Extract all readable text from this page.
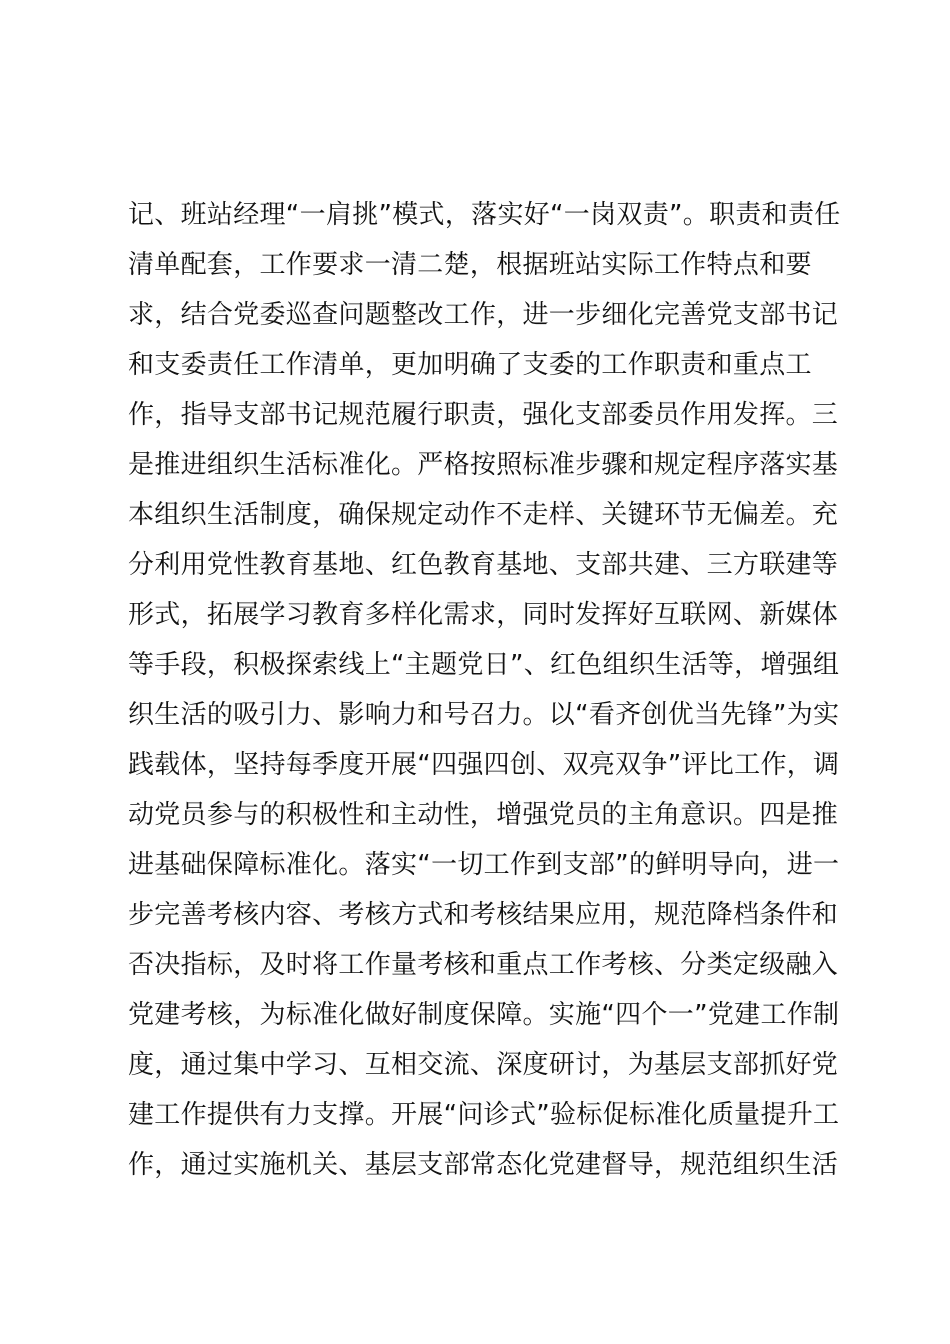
记、班站经理“一肩挑”模式，落实好“一岗双责”。职责和责任
清单配套，工作要求一清二楚，根据班站实际工作特点和要
求，结合党委巡查问题整改工作，进一步细化完善党支部书记
和支委责任工作清单，更加明确了支委的工作职责和重点工
作，指导支部书记规范履行职责，强化支部委员作用发挥。三
是推进组织生活标准化。严格按照标准步骤和规定程序落实基
本组织生活制度，确保规定动作不走样、关键环节无偏差。充
分利用党性教育基地、红色教育基地、支部共建、三方联建等
形式，拓展学习教育多样化需求，同时发挥好互联网、新媒体
等手段，积极探索线上“主题党日”、红色组织生活等，增强组
织生活的吸引力、影响力和号召力。以“看齐创优当先锋”为实
践载体，坚持每季度开展“四强四创、双亮双争”评比工作，调
动党员参与的积极性和主动性，增强党员的主角意识。四是推
进基础保障标准化。落实“一切工作到支部”的鲜明导向，进一
步完善考核内容、考核方式和考核结果应用，规范降档条件和
否决指标，及时将工作量考核和重点工作考核、分类定级融入
党建考核，为标准化做好制度保障。实施“四个一”党建工作制
度，通过集中学习、互相交流、深度研讨，为基层支部抓好党
建工作提供有力支撑。开展“问诊式”验标促标准化质量提升工
作，通过实施机关、基层支部常态化党建督导，规范组织生活
